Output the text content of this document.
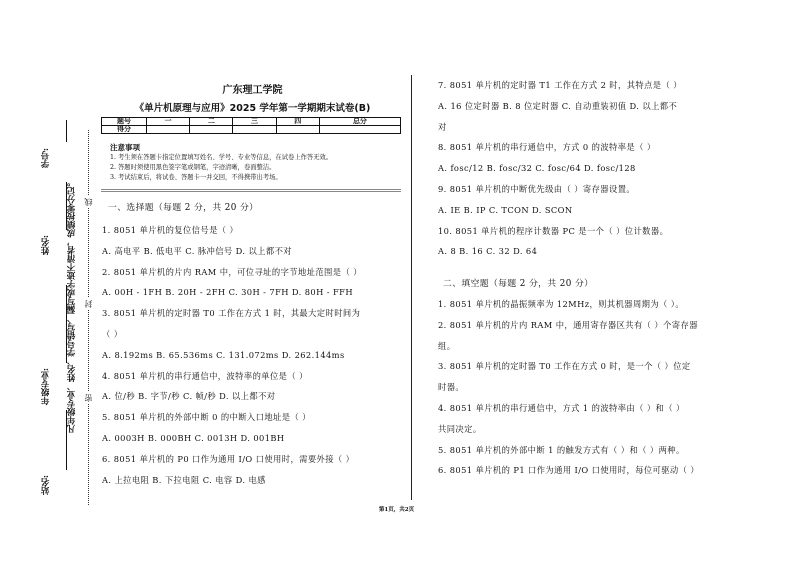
学号:
姓名:
年级专业:
站名:
凡年级专业、姓名、学号错写、漏写或字迹不清者，成绩按零分记。 密
封
线
广东理工学院
《单片机原理与应用》2025 学年第一学期期末试卷(B)
题号	一	二	三	四	总分
得分					
注意事项
1. 考生须在答题卡指定位置填写姓名、学号、专业等信息，在试卷上作答无效。
2. 答题时须使用黑色签字笔或钢笔，字迹清晰，卷面整洁。
3. 考试结束后，将试卷、答题卡一并交回，不得携带出考场。
一、选择题（每题 2 分，共 20 分）
1. 8051 单片机的复位信号是（ ）
A. 高电平 B. 低电平 C. 脉冲信号 D. 以上都不对
2. 8051 单片机的片内 RAM 中，可位寻址的字节地址范围是（ ）
A. 00H - 1FH B. 20H - 2FH C. 30H - 7FH D. 80H - FFH
3. 8051 单片机的定时器 T0 工作在方式 1 时，其最大定时时间为
（ ）
A. 8.192ms B. 65.536ms C. 131.072ms D. 262.144ms
4. 8051 单片机的串行通信中，波特率的单位是（ ）
A. 位/秒 B. 字节/秒 C. 帧/秒 D. 以上都不对
5. 8051 单片机的外部中断 0 的中断入口地址是（ ）
A. 0003H B. 000BH C. 0013H D. 001BH
6. 8051 单片机的 P0 口作为通用 I/O 口使用时，需要外接（ ）
A. 上拉电阻 B. 下拉电阻 C. 电容 D. 电感
7. 8051 单片机的定时器 T1 工作在方式 2 时，其特点是（ ）
A. 16 位定时器 B. 8 位定时器 C. 自动重装初值 D. 以上都不
对
8. 8051 单片机的串行通信中，方式 0 的波特率是（ ）
A. fosc/12 B. fosc/32 C. fosc/64 D. fosc/128
9. 8051 单片机的中断优先级由（ ）寄存器设置。
A. IE B. IP C. TCON D. SCON
10. 8051 单片机的程序计数器 PC 是一个（ ）位计数器。
A. 8 B. 16 C. 32 D. 64
二、填空题（每题 2 分，共 20 分）
1. 8051 单片机的晶振频率为 12MHz，则其机器周期为（ ）。
2. 8051 单片机的片内 RAM 中，通用寄存器区共有（ ）个寄存器
组。
3. 8051 单片机的定时器 T0 工作在方式 0 时，是一个（ ）位定
时器。
4. 8051 单片机的串行通信中，方式 1 的波特率由（ ）和（ ）
共同决定。
5. 8051 单片机的外部中断 1 的触发方式有（ ）和（ ）两种。
6. 8051 单片机的 P1 口作为通用 I/O 口使用时，每位可驱动（ ）
第1页，共2页
